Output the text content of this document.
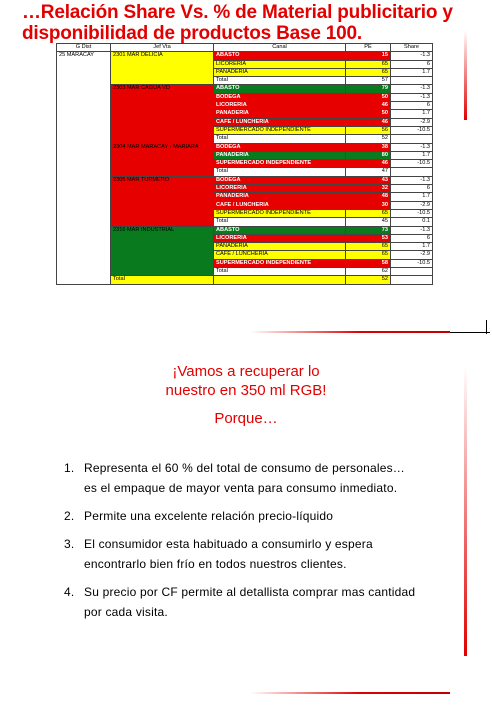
…Relación Share Vs. % de Material publicitario y disponibilidad de productos Base 100.
G Dist	Jef Vta	Canal	PE	Share
25 MARACAY	2301 MAR DELICIA	ABASTO	15	-1.3
		LICORERÍA	65	6
		PANADERÍA	65	1.7
		Total	57	
	2303 MAR CAGUA VD	ABASTO	79	-1.3
		BODEGA	50	-1.3
		LICORERÍA	46	6
		PANADERÍA	50	1.7
		CAFÉ / LUNCHERÍA	46	-2.9
		SUPERMERCADO INDEPENDIENTE	56	-10.5
		Total	52	
	2304 MAR MARACAY - MARIARA	BODEGA	38	-1.3
		PANADERÍA	80	1.7
		SUPERMERCADO INDEPENDIENTE	46	-10.5
		Total	47	
	2305 MAR TURMERO	BODEGA	43	-1.3
		LICORERÍA	32	6
		PANADERÍA	48	1.7
		CAFÉ / LUNCHERÍA	30	-2.9
		SUPERMERCADO INDEPENDIENTE	65	-10.5
		Total	45	0.1
	2316 MAR INDUSTRIAL	ABASTO	73	-1.3
		LICORERÍA	53	6
		PANADERÍA	65	1.7
		CAFÉ / LUNCHERÍA	65	-2.9
		SUPERMERCADO INDEPENDIENTE	58	-10.5
		Total	62	
	Total		52	
¡Vamos a recuperar lo
nuestro en 350 ml RGB!
Porque…
1. Representa el 60 % del total de consumo de personales… es el empaque de mayor venta para consumo inmediato.
2. Permite una excelente relación precio-líquido
3. El consumidor esta habituado a consumirlo y espera encontrarlo bien frío en todos nuestros clientes.
4. Su precio por CF permite al detallista comprar mas cantidad por cada visita.
